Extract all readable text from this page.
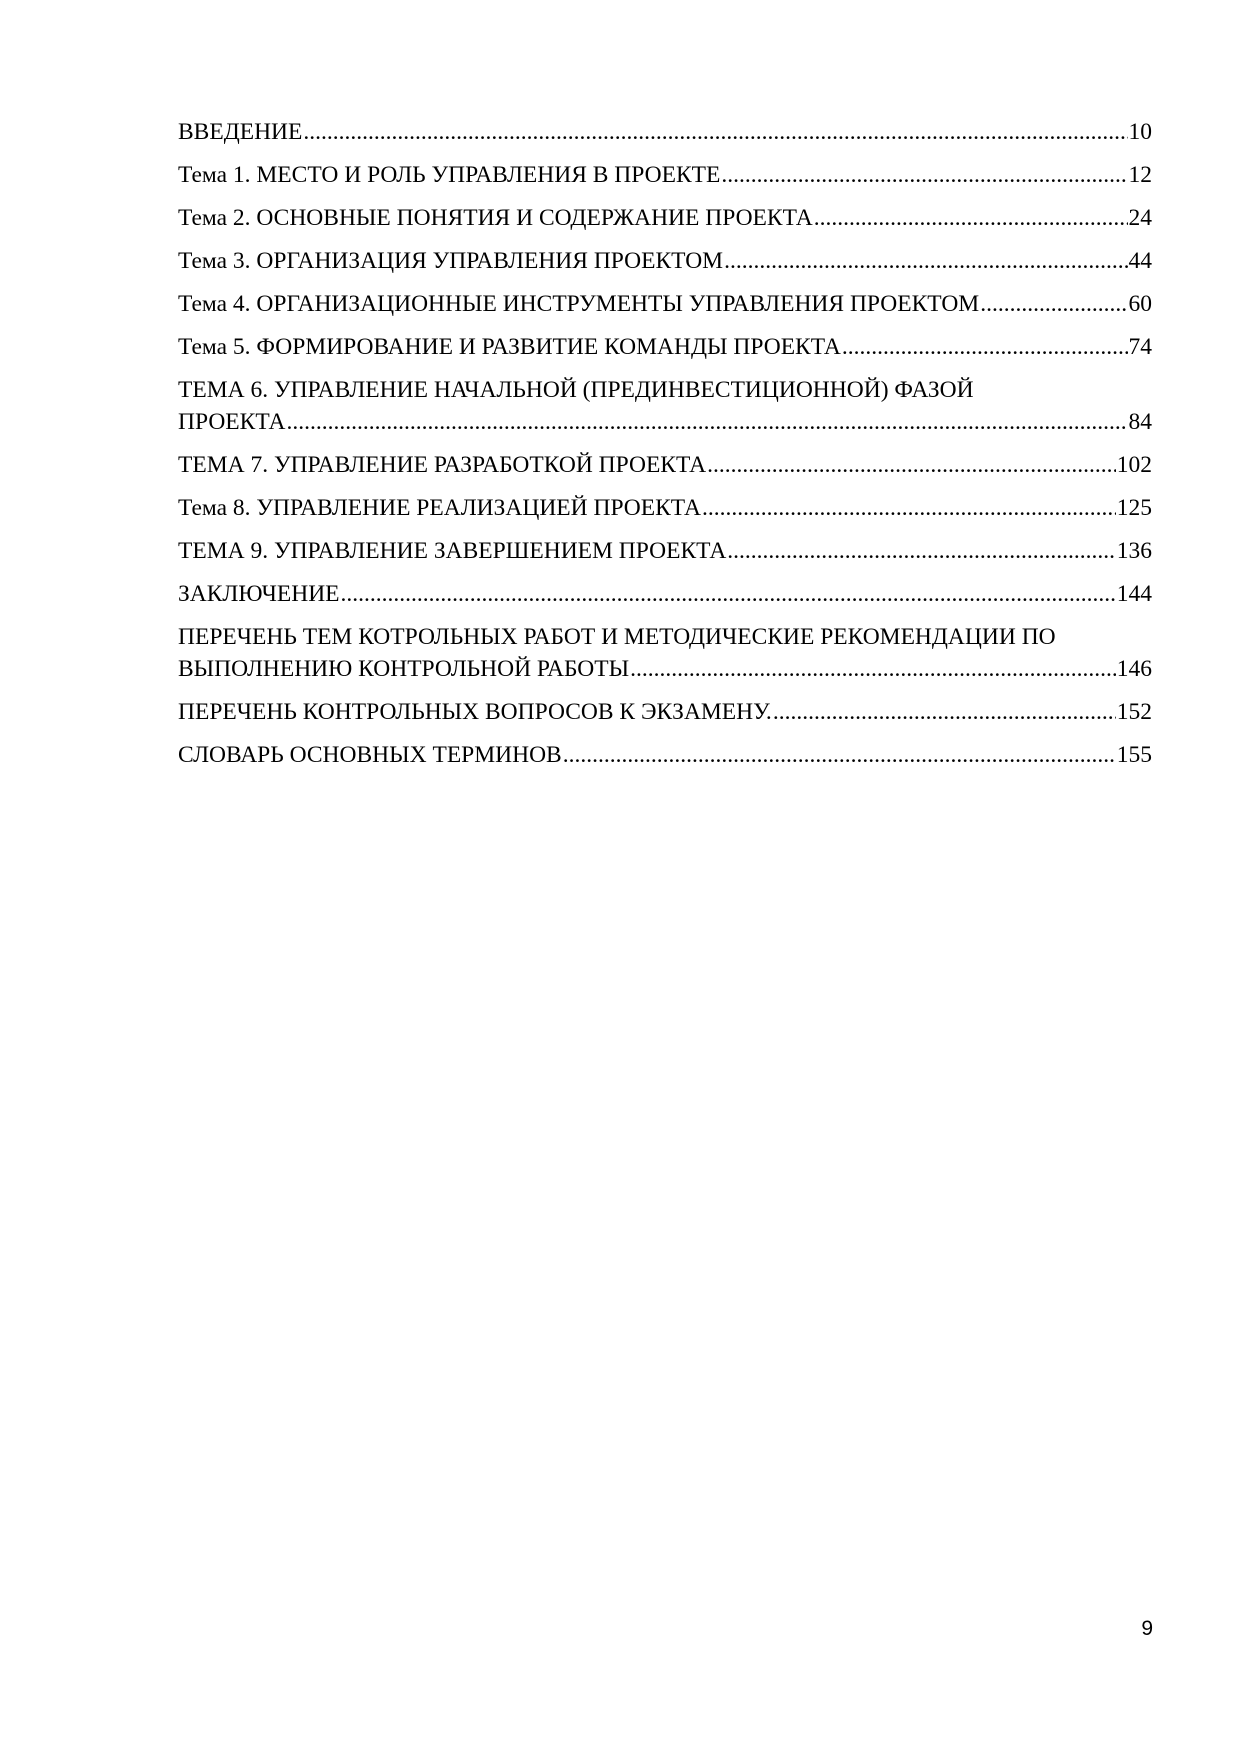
ВВЕДЕНИЕ .....	10
Тема 1. МЕСТО И РОЛЬ УПРАВЛЕНИЯ В ПРОЕКТЕ .....	12
Тема 2. ОСНОВНЫЕ ПОНЯТИЯ И СОДЕРЖАНИЕ ПРОЕКТА .....	24
Тема 3. ОРГАНИЗАЦИЯ УПРАВЛЕНИЯ ПРОЕКТОМ .....	44
Тема 4. ОРГАНИЗАЦИОННЫЕ ИНСТРУМЕНТЫ УПРАВЛЕНИЯ ПРОЕКТОМ .....	60
Тема 5. ФОРМИРОВАНИЕ И РАЗВИТИЕ КОМАНДЫ ПРОЕКТА .....	74
ТЕМА 6. УПРАВЛЕНИЕ НАЧАЛЬНОЙ (ПРЕДИНВЕСТИЦИОННОЙ) ФАЗОЙ
ПРОЕКТА .....	84
ТЕМА 7. УПРАВЛЕНИЕ РАЗРАБОТКОЙ ПРОЕКТА .....	102
Тема 8. УПРАВЛЕНИЕ РЕАЛИЗАЦИЕЙ ПРОЕКТА .....	125
ТЕМА 9. УПРАВЛЕНИЕ ЗАВЕРШЕНИЕМ ПРОЕКТА .....	136
ЗАКЛЮЧЕНИЕ .....	144
ПЕРЕЧЕНЬ ТЕМ КОТРОЛЬНЫХ РАБОТ И МЕТОДИЧЕСКИЕ РЕКОМЕНДАЦИИ ПО
ВЫПОЛНЕНИЮ КОНТРОЛЬНОЙ РАБОТЫ .....	146
ПЕРЕЧЕНЬ КОНТРОЛЬНЫХ ВОПРОСОВ К ЭКЗАМЕНУ. .....	152
СЛОВАРЬ ОСНОВНЫХ ТЕРМИНОВ .....	155
9
